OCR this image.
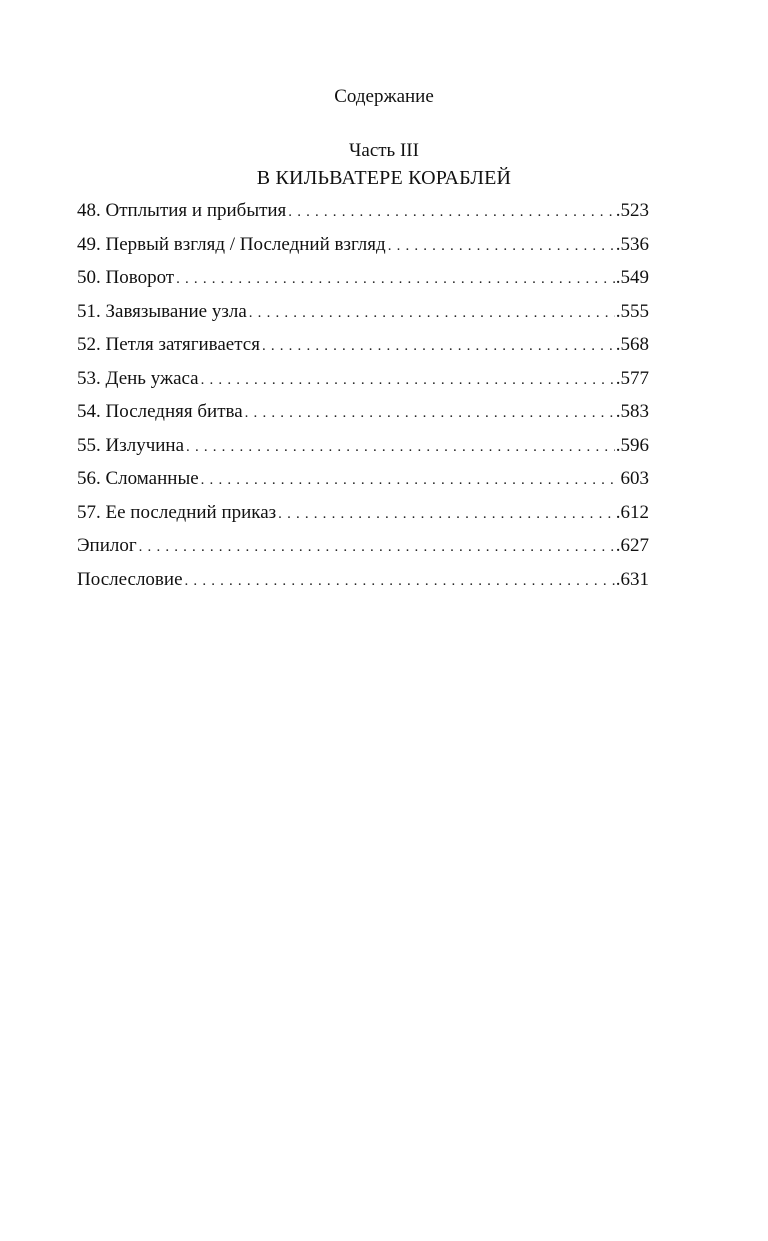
Содержание
Часть III
В КИЛЬВАТЕРЕ КОРАБЛЕЙ
48. Отплытия и прибытия . . .	.523
49. Первый взгляд / Последний взгляд . . .	.536
50. Поворот . . .	.549
51. Завязывание узла . . .	.555
52. Петля затягивается . . .	.568
53. День ужаса . . .	.577
54. Последняя битва . . .	.583
55. Излучина . . .	.596
56. Сломанные . . .	603
57. Ее последний приказ . . .	.612
Эпилог . . .	.627
Послесловие . . .	.631
